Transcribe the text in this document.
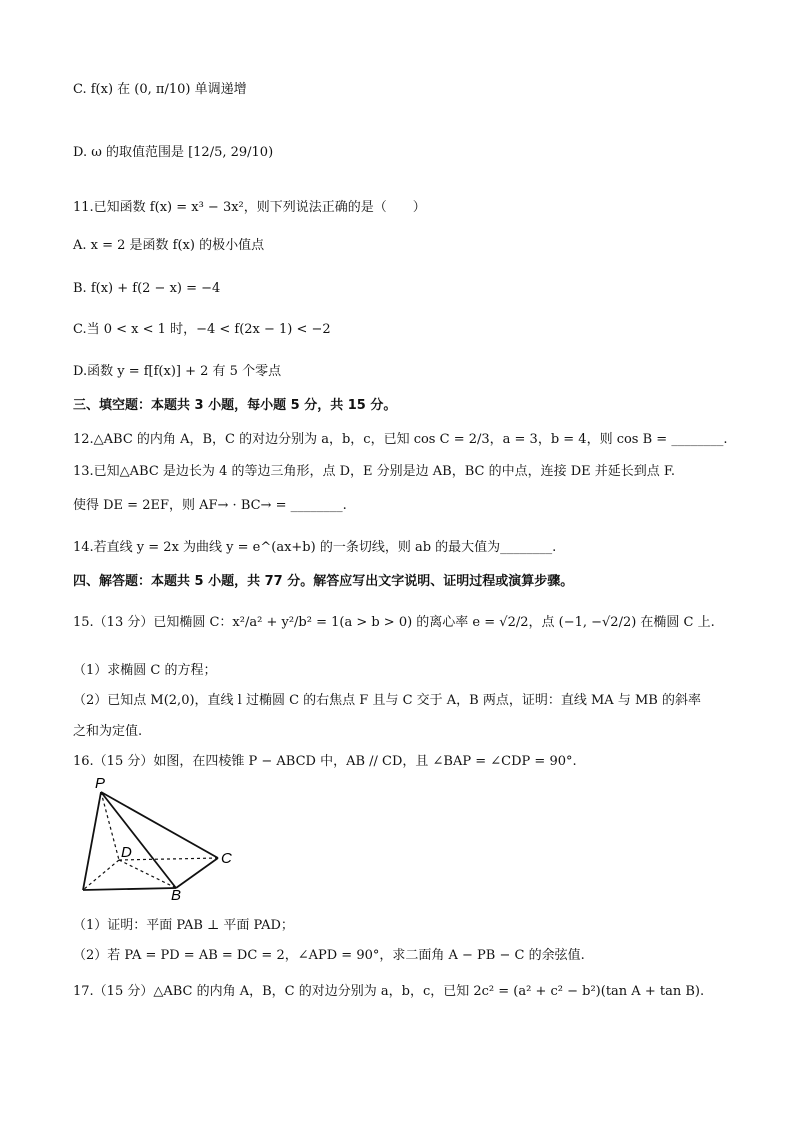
C. f(x) 在 (0, π/10) 单调递增
D. ω 的取值范围是 [12/5, 29/10)
11.已知函数 f(x) = x³ − 3x²，则下列说法正确的是（　　）
A. x = 2 是函数 f(x) 的极小值点
B. f(x) + f(2 − x) = −4
C.当 0 < x < 1 时，−4 < f(2x − 1) < −2
D.函数 y = f[f(x)] + 2 有 5 个零点
三、填空题：本题共 3 小题，每小题 5 分，共 15 分。
12.△ABC 的内角 A，B，C 的对边分别为 a，b，c，已知 cos C = 2/3，a = 3，b = 4，则 cos B = ________.
13.已知△ABC 是边长为 4 的等边三角形，点 D，E 分别是边 AB，BC 的中点，连接 DE 并延长到点 F.
使得 DE = 2EF，则 AF→ · BC→ = ________.
14.若直线 y = 2x 为曲线 y = e^(ax+b) 的一条切线，则 ab 的最大值为________.
四、解答题：本题共 5 小题，共 77 分。解答应写出文字说明、证明过程或演算步骤。
15.（13 分）已知椭圆 C：x²/a² + y²/b² = 1(a > b > 0) 的离心率 e = √2/2，点 (−1, −√2/2) 在椭圆 C 上.
（1）求椭圆 C 的方程；
（2）已知点 M(2,0)，直线 l 过椭圆 C 的右焦点 F 且与 C 交于 A，B 两点，证明：直线 MA 与 MB 的斜率
之和为定值.
16.（15 分）如图，在四棱锥 P − ABCD 中，AB // CD，且 ∠BAP = ∠CDP = 90°.
P
D	C
B
（1）证明：平面 PAB ⊥ 平面 PAD；
（2）若 PA = PD = AB = DC = 2，∠APD = 90°，求二面角 A − PB − C 的余弦值.
17.（15 分）△ABC 的内角 A，B，C 的对边分别为 a，b，c，已知 2c² = (a² + c² − b²)(tan A + tan B).
